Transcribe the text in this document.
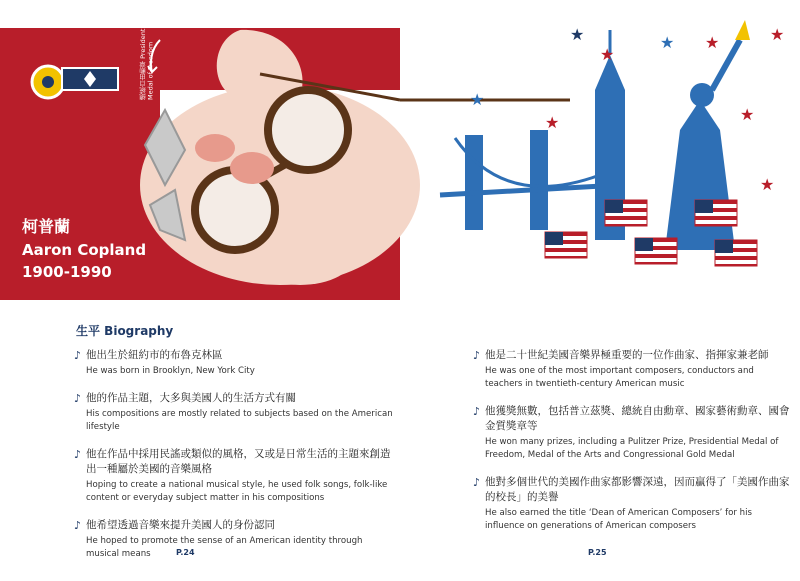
★
★
★
★ ★	★
★
★
★
總統自由勳章 Presidential Medal of Freedom
柯普蘭
Aaron Copland
1900-1990
生平 Biography
♪ 他出生於紐約市的布魯克林區
He was born in Brooklyn, New York City
♪ 他的作品主題，大多與美國人的生活方式有關
His compositions are mostly related to subjects based on the American lifestyle
♪ 他在作品中採用民謠或類似的風格，又或是日常生活的主題來創造出一種屬於美國的音樂風格
Hoping to create a national musical style, he used folk songs, folk-like content or everyday subject matter in his compositions
♪ 他希望透過音樂來提升美國人的身份認同
He hoped to promote the sense of an American identity through musical means
♪ 他是二十世紀美國音樂界極重要的一位作曲家、指揮家兼老師
He was one of the most important composers, conductors and teachers in twentieth-century American music
♪ 他獲獎無數，包括普立茲獎、總統自由勳章、國家藝術勳章、國會金質獎章等
He won many prizes, including a Pulitzer Prize, Presidential Medal of Freedom, Medal of the Arts and Congressional Gold Medal
♪ 他對多個世代的美國作曲家都影響深遠，因而贏得了「美國作曲家的校長」的美譽
He also earned the title ‘Dean of American Composers’ for his influence on generations of American composers
P.24	P.25
